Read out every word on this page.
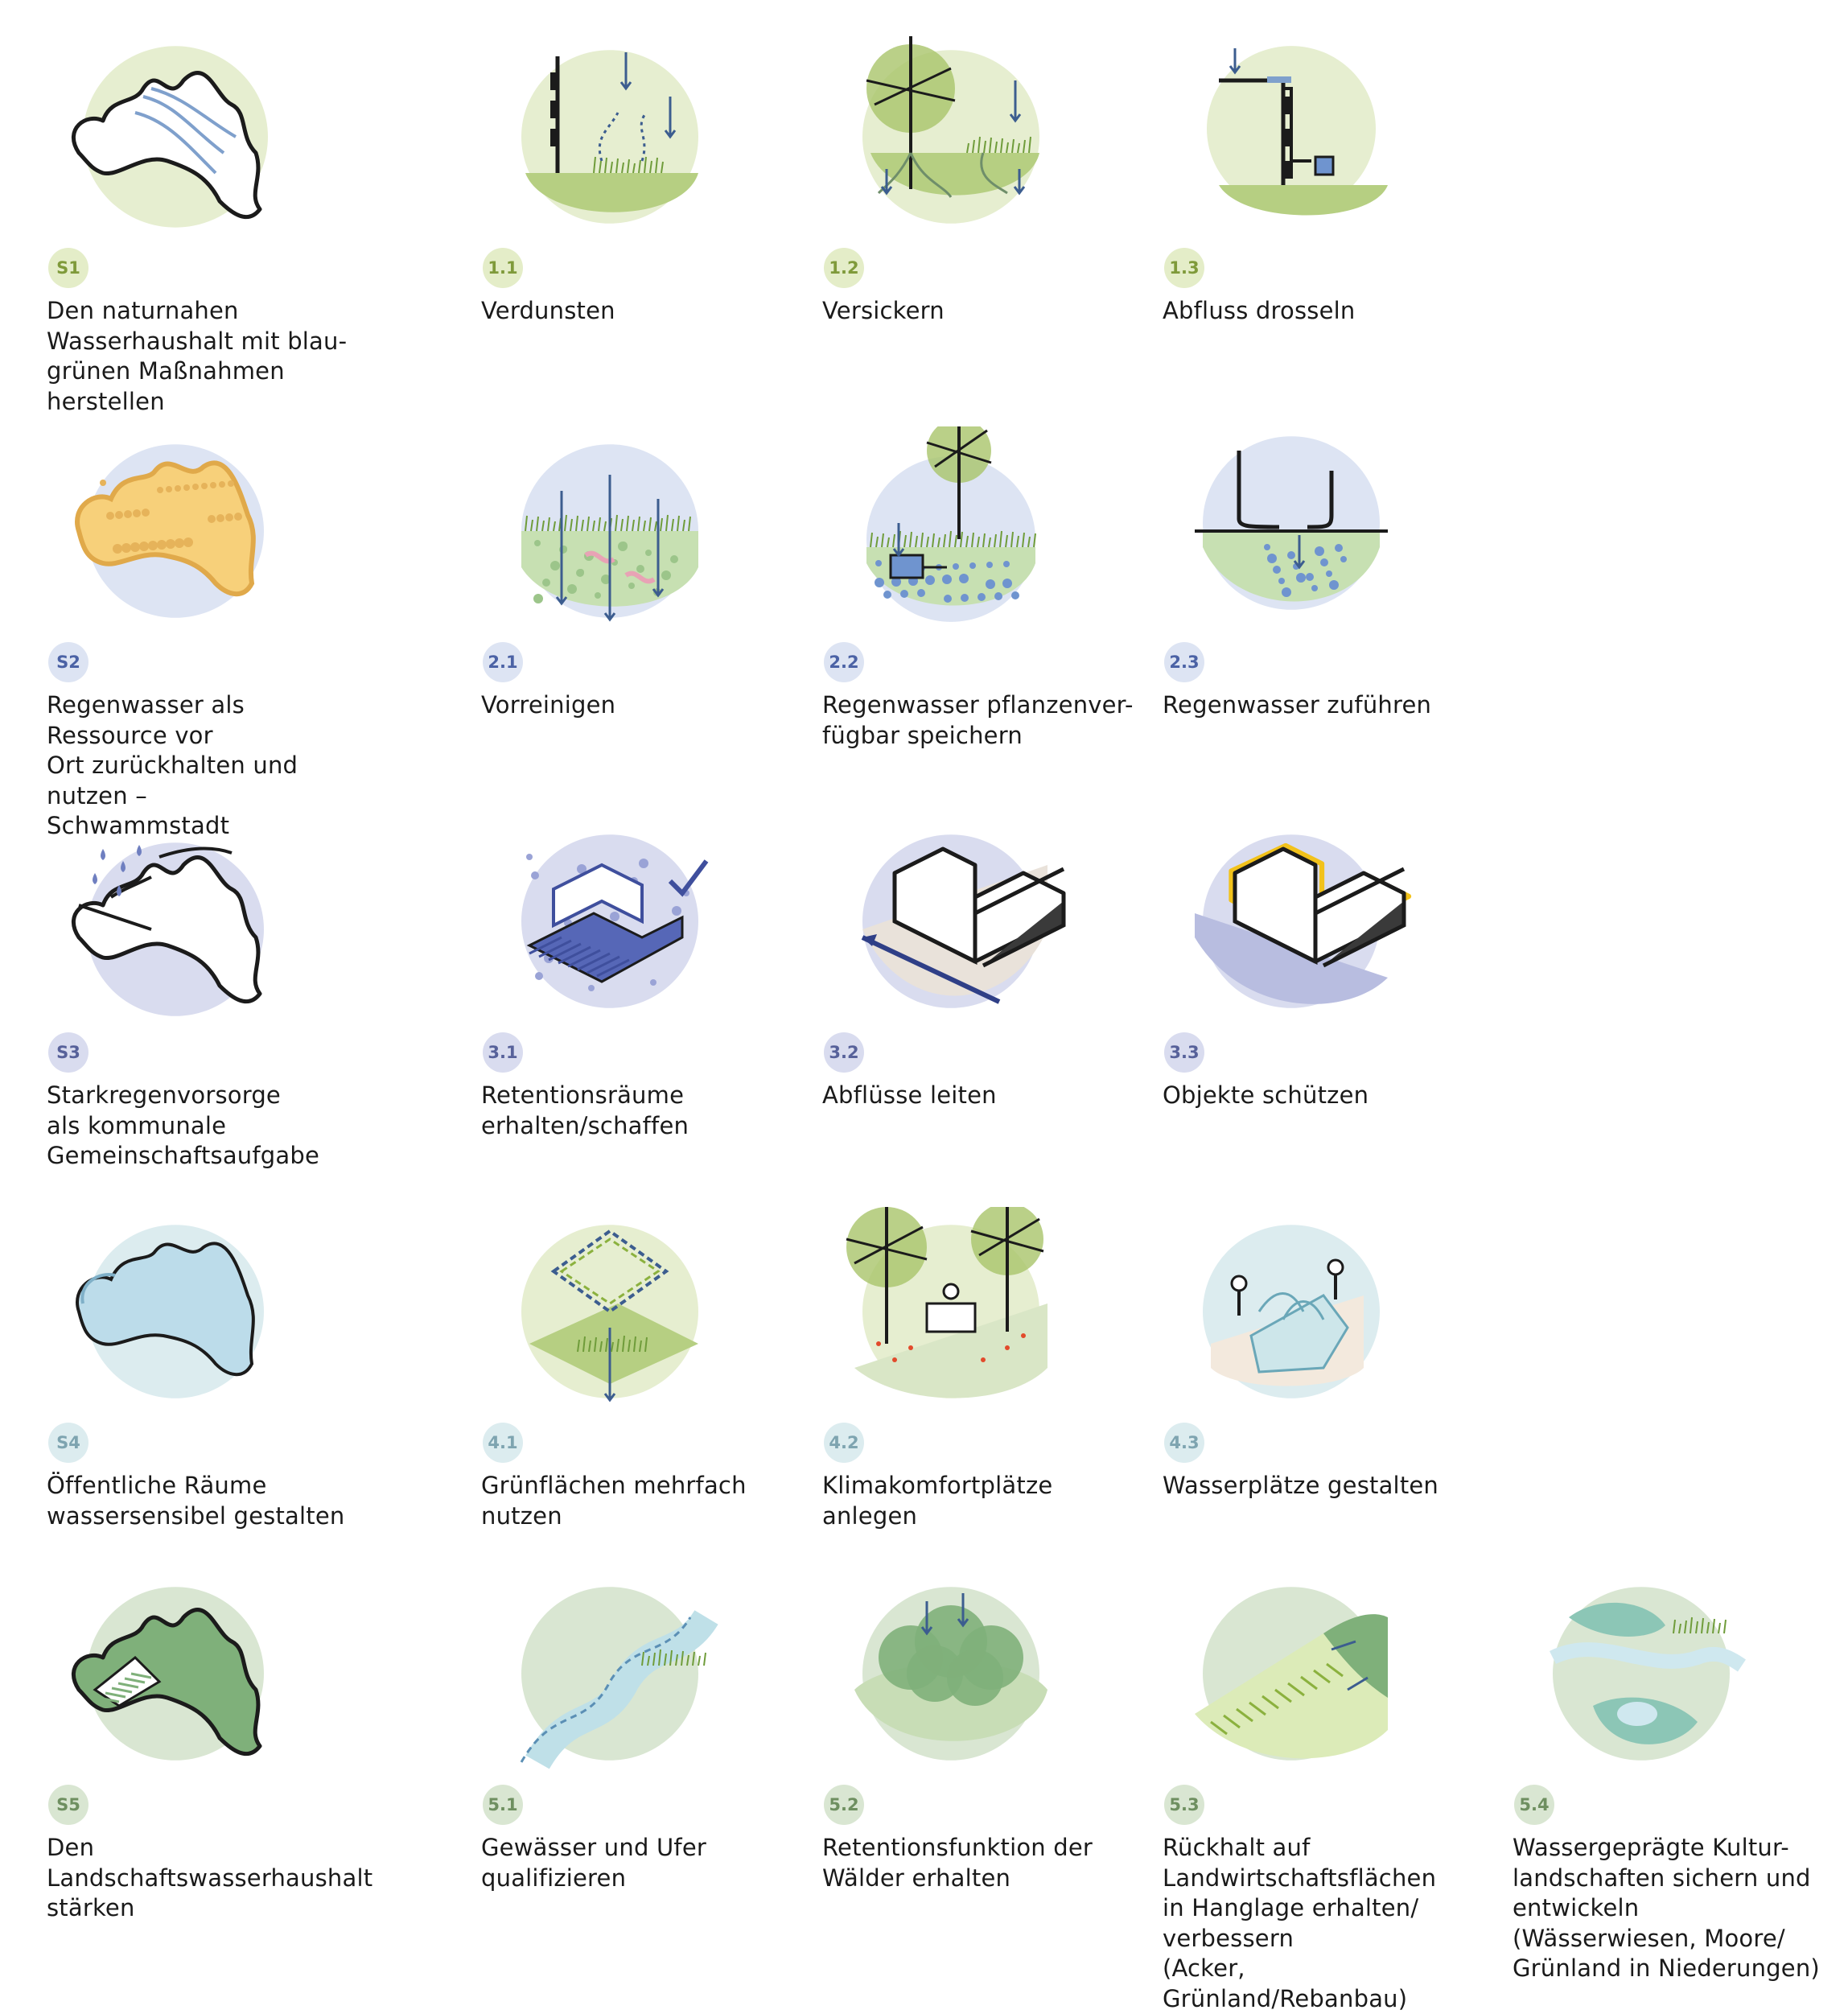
S1
Den naturnahen
Wasserhaushalt mit blau-
grünen Maßnahmen
herstellen
1.1
Verdunsten
1.2
Versickern
1.3
Abfluss drosseln
S2
Regenwasser als Ressource vor
Ort zurückhalten und nutzen –
Schwammstadt
2.1
Vorreinigen
2.2
Regenwasser pflanzenver-
fügbar speichern
2.3
Regenwasser zuführen
S3
Starkregenvorsorge
als kommunale
Gemeinschaftsaufgabe
3.1
Retentionsräume
erhalten/schaffen
3.2
Abflüsse leiten
3.3
Objekte schützen
S4
Öffentliche Räume
wassersensibel gestalten
4.1
Grünflächen mehrfach
nutzen
4.2
Klimakomfortplätze anlegen
4.3
Wasserplätze gestalten
S5
Den Landschaftswasserhaushalt
stärken
5.1
Gewässer und Ufer
qualifizieren
5.2
Retentionsfunktion der
Wälder erhalten
5.3
Rückhalt auf
Landwirtschaftsflächen
in Hanglage erhalten/
verbessern
(Acker, Grünland/Rebanbau)
5.4
Wassergeprägte Kultur-
landschaften sichern und
entwickeln
(Wässerwiesen, Moore/
Grünland in Niederungen)
